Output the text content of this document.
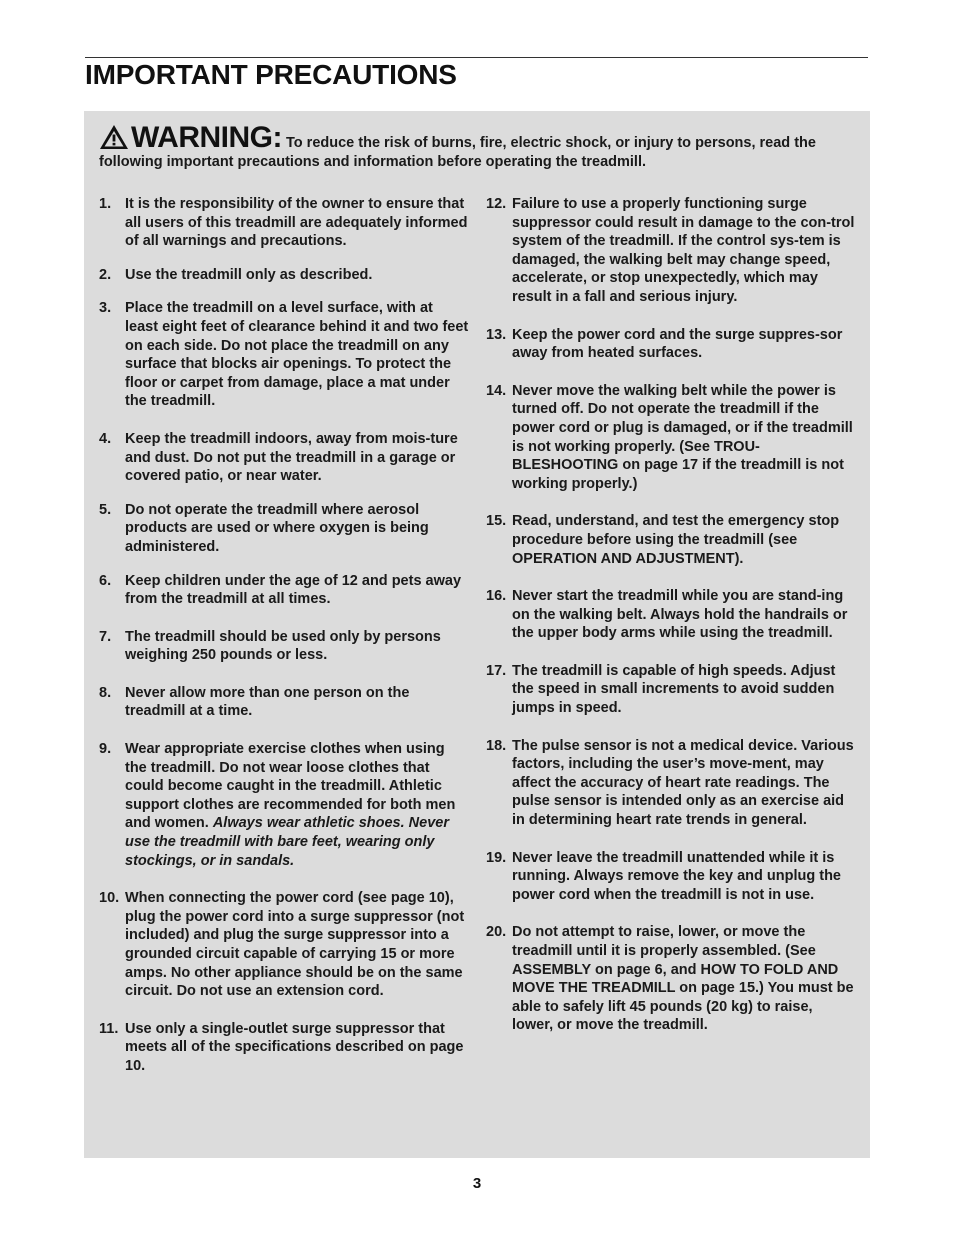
IMPORTANT PRECAUTIONS
WARNING: To reduce the risk of burns, fire, electric shock, or injury to persons, read the following important precautions and information before operating the treadmill.
1. It is the responsibility of the owner to ensure that all users of this treadmill are adequately informed of all warnings and precautions.
2. Use the treadmill only as described.
3. Place the treadmill on a level surface, with at least eight feet of clearance behind it and two feet on each side. Do not place the treadmill on any surface that blocks air openings. To protect the floor or carpet from damage, place a mat under the treadmill.
4. Keep the treadmill indoors, away from mois-ture and dust. Do not put the treadmill in a garage or covered patio, or near water.
5. Do not operate the treadmill where aerosol products are used or where oxygen is being administered.
6. Keep children under the age of 12 and pets away from the treadmill at all times.
7. The treadmill should be used only by persons weighing 250 pounds or less.
8. Never allow more than one person on the treadmill at a time.
9. Wear appropriate exercise clothes when using the treadmill. Do not wear loose clothes that could become caught in the treadmill. Athletic support clothes are recommended for both men and women. Always wear athletic shoes. Never use the treadmill with bare feet, wearing only stockings, or in sandals.
10. When connecting the power cord (see page 10), plug the power cord into a surge suppressor (not included) and plug the surge suppressor into a grounded circuit capable of carrying 15 or more amps. No other appliance should be on the same circuit. Do not use an extension cord.
11. Use only a single-outlet surge suppressor that meets all of the specifications described on page 10.
12. Failure to use a properly functioning surge suppressor could result in damage to the con-trol system of the treadmill. If the control sys-tem is damaged, the walking belt may change speed, accelerate, or stop unexpectedly, which may result in a fall and serious injury.
13. Keep the power cord and the surge suppres-sor away from heated surfaces.
14. Never move the walking belt while the power is turned off. Do not operate the treadmill if the power cord or plug is damaged, or if the treadmill is not working properly. (See TROU-BLESHOOTING on page 17 if the treadmill is not working properly.)
15. Read, understand, and test the emergency stop procedure before using the treadmill (see OPERATION AND ADJUSTMENT).
16. Never start the treadmill while you are stand-ing on the walking belt. Always hold the handrails or the upper body arms while using the treadmill.
17. The treadmill is capable of high speeds. Adjust the speed in small increments to avoid sudden jumps in speed.
18. The pulse sensor is not a medical device. Various factors, including the user’s move-ment, may affect the accuracy of heart rate readings. The pulse sensor is intended only as an exercise aid in determining heart rate trends in general.
19. Never leave the treadmill unattended while it is running. Always remove the key and unplug the power cord when the treadmill is not in use.
20. Do not attempt to raise, lower, or move the treadmill until it is properly assembled. (See ASSEMBLY on page 6, and HOW TO FOLD AND MOVE THE TREADMILL on page 15.) You must be able to safely lift 45 pounds (20 kg) to raise, lower, or move the treadmill.
3
